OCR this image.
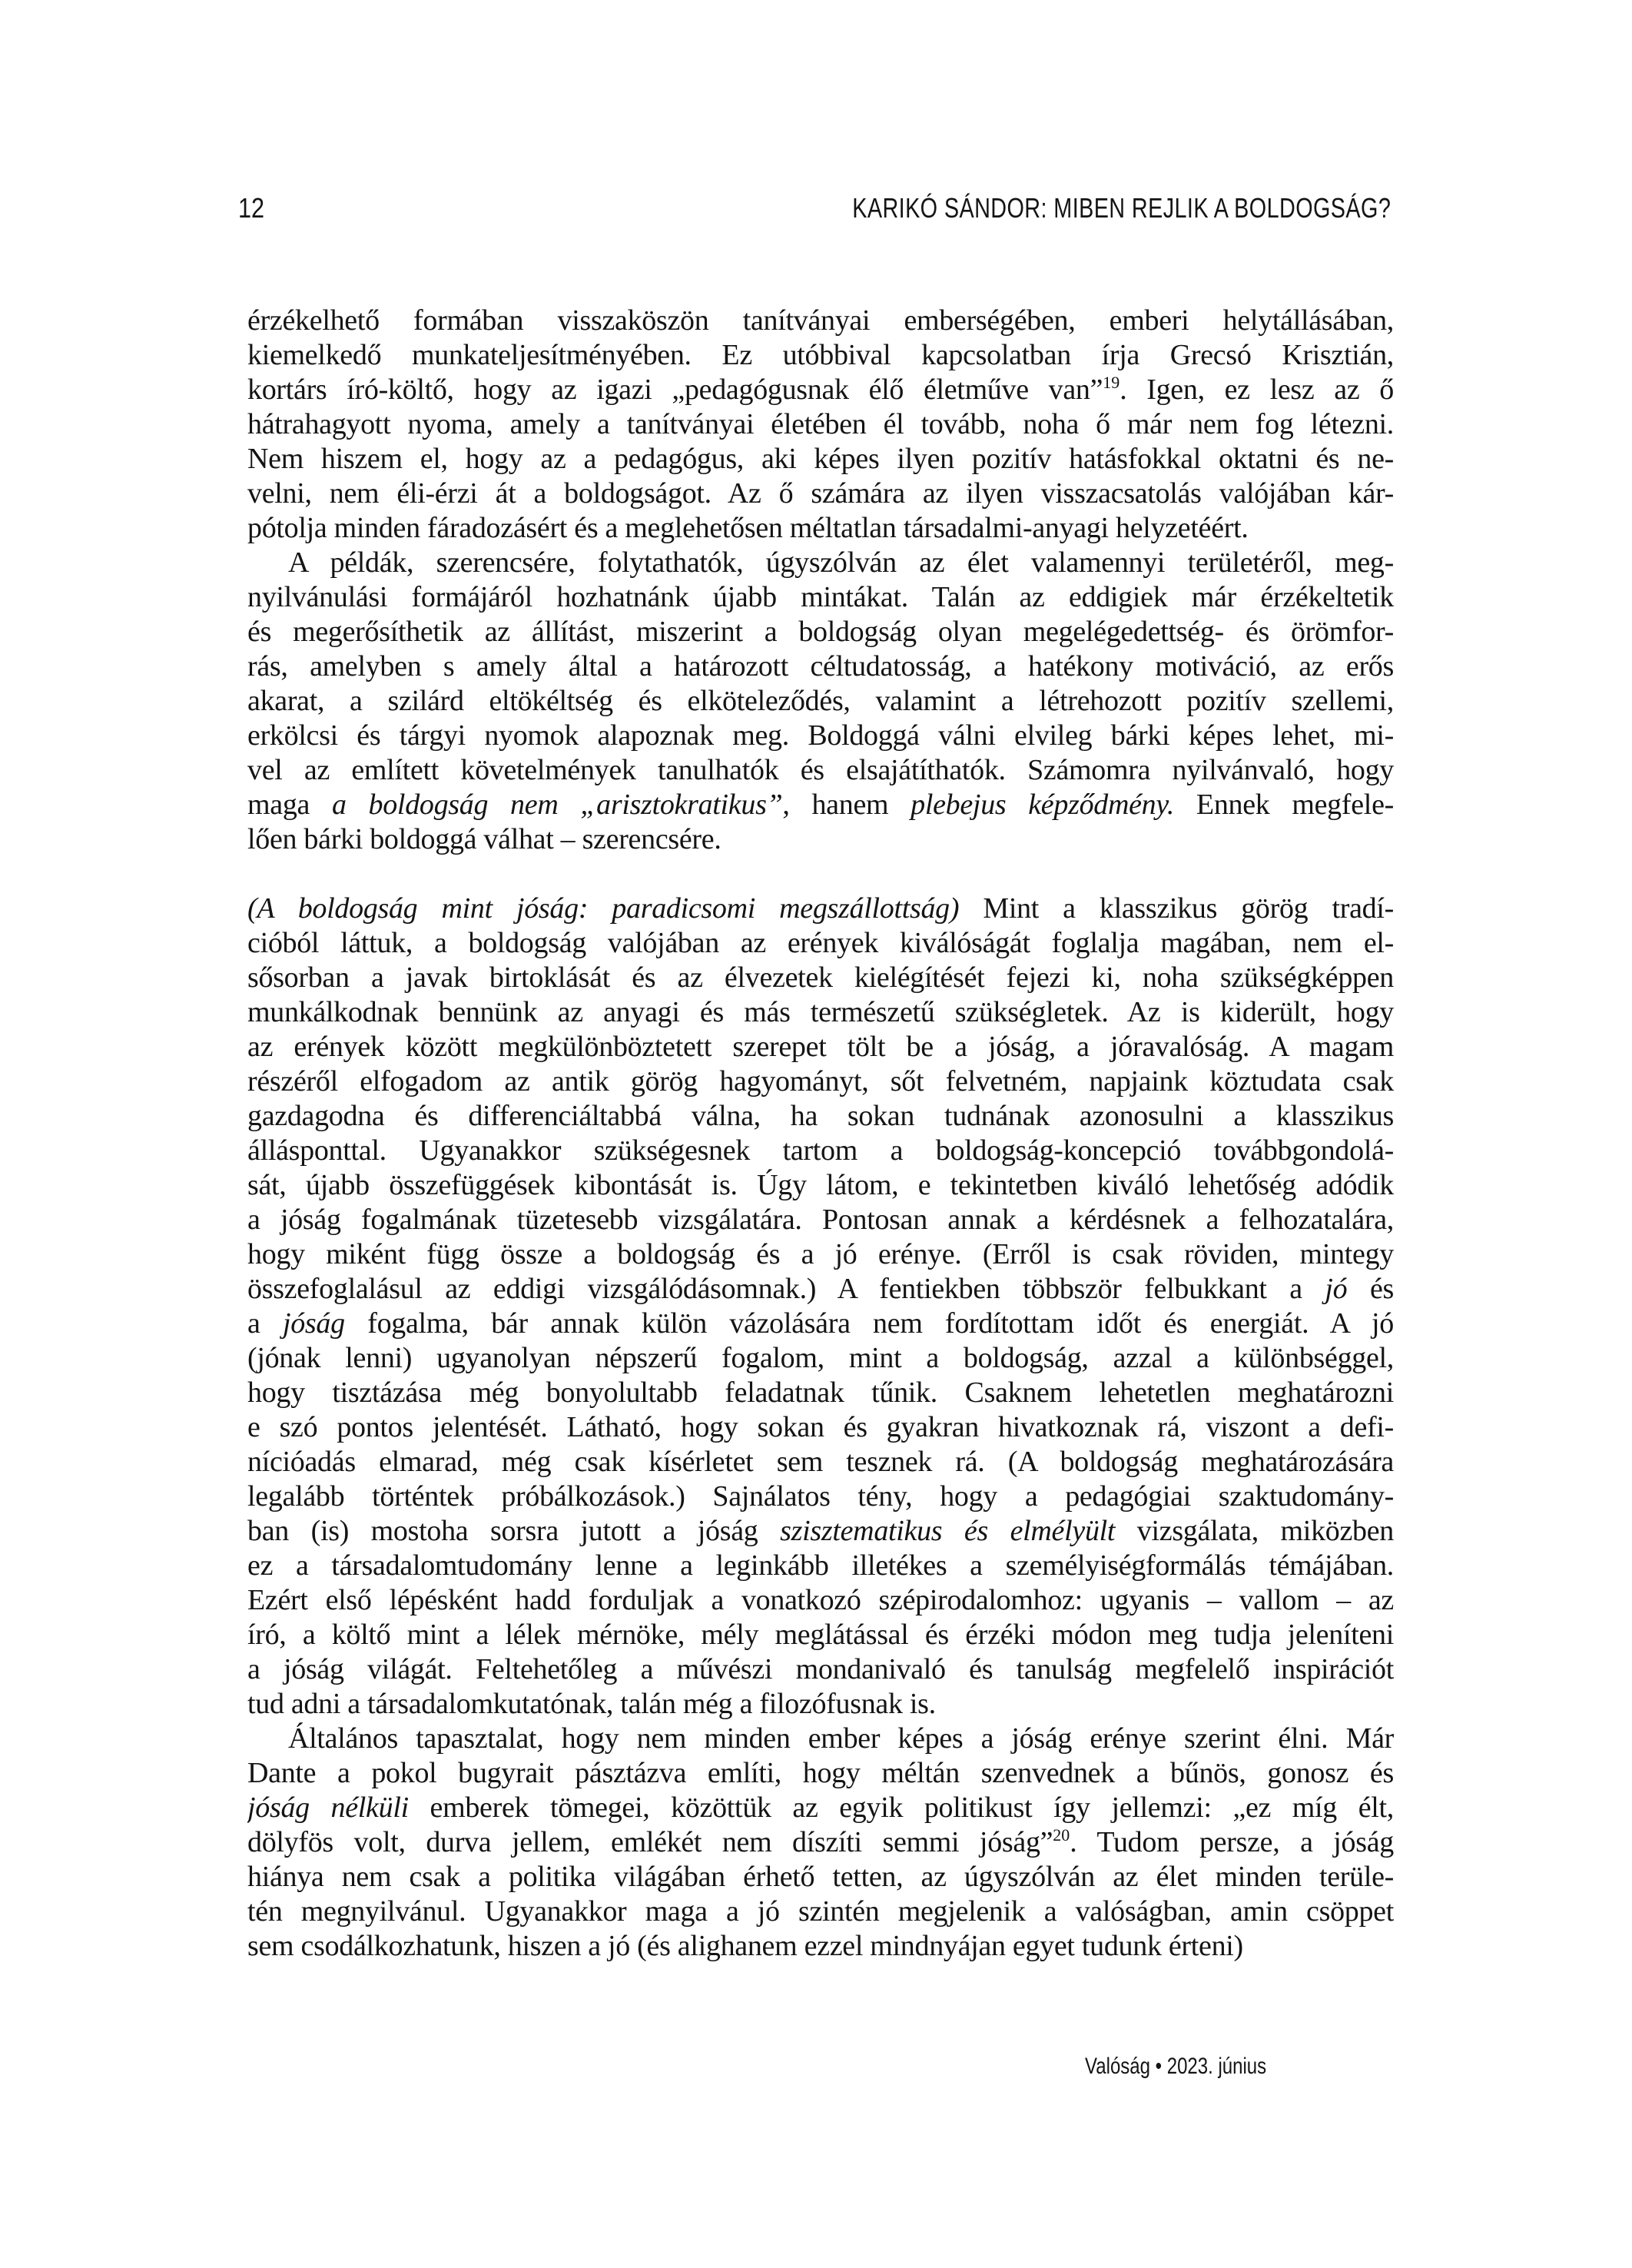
12	KARIKÓ SÁNDOR: MIBEN REJLIK A BOLDOGSÁG?
érzékelhető formában visszaköszön tanítványai emberségében, emberi helytállásában,
kiemelkedő munkateljesítményében. Ez utóbbival kapcsolatban írja Grecsó Krisztián,
kortárs író-költő, hogy az igazi „pedagógusnak élő életműve van”$^{19}$. Igen, ez lesz az ő
hátrahagyott nyoma, amely a tanítványai életében él tovább, noha ő már nem fog létezni.
Nem hiszem el, hogy az a pedagógus, aki képes ilyen pozitív hatásfokkal oktatni és ne-
velni, nem éli-érzi át a boldogságot. Az ő számára az ilyen visszacsatolás valójában kár-
pótolja minden fáradozásért és a meglehetősen méltatlan társadalmi-anyagi helyzetéért.
A példák, szerencsére, folytathatók, úgyszólván az élet valamennyi területéről, meg-
nyilvánulási formájáról hozhatnánk újabb mintákat. Talán az eddigiek már érzékeltetik
és megerősíthetik az állítást, miszerint a boldogság olyan megelégedettség- és örömfor-
rás, amelyben s amely által a határozott céltudatosság, a hatékony motiváció, az erős
akarat, a szilárd eltökéltség és elköteleződés, valamint a létrehozott pozitív szellemi,
erkölcsi és tárgyi nyomok alapoznak meg. Boldoggá válni elvileg bárki képes lehet, mi-
vel az említett követelmények tanulhatók és elsajátíthatók. Számomra nyilvánvaló, hogy
maga a boldogság nem „arisztokratikus”, hanem plebejus képződmény. Ennek megfele-
lően bárki boldoggá válhat – szerencsére.
(A boldogság mint jóság: paradicsomi megszállottság) Mint a klasszikus görög tradí-
cióból láttuk, a boldogság valójában az erények kiválóságát foglalja magában, nem el-
sősorban a javak birtoklását és az élvezetek kielégítését fejezi ki, noha szükségképpen
munkálkodnak bennünk az anyagi és más természetű szükségletek. Az is kiderült, hogy
az erények között megkülönböztetett szerepet tölt be a jóság, a jóravalóság. A magam
részéről elfogadom az antik görög hagyományt, sőt felvetném, napjaink köztudata csak
gazdagodna és differenciáltabbá válna, ha sokan tudnának azonosulni a klasszikus
állásponttal. Ugyanakkor szükségesnek tartom a boldogság-koncepció továbbgondolá-
sát, újabb összefüggések kibontását is. Úgy látom, e tekintetben kiváló lehetőség adódik
a jóság fogalmának tüzetesebb vizsgálatára. Pontosan annak a kérdésnek a felhozatalára,
hogy miként függ össze a boldogság és a jó erénye. (Erről is csak röviden, mintegy
összefoglalásul az eddigi vizsgálódásomnak.) A fentiekben többször felbukkant a jó és
a jóság fogalma, bár annak külön vázolására nem fordítottam időt és energiát. A jó
(jónak lenni) ugyanolyan népszerű fogalom, mint a boldogság, azzal a különbséggel,
hogy tisztázása még bonyolultabb feladatnak tűnik. Csaknem lehetetlen meghatározni
e szó pontos jelentését. Látható, hogy sokan és gyakran hivatkoznak rá, viszont a defi-
nícióadás elmarad, még csak kísérletet sem tesznek rá. (A boldogság meghatározására
legalább történtek próbálkozások.) Sajnálatos tény, hogy a pedagógiai szaktudomány-
ban (is) mostoha sorsra jutott a jóság szisztematikus és elmélyült vizsgálata, miközben
ez a társadalomtudomány lenne a leginkább illetékes a személyiségformálás témájában.
Ezért első lépésként hadd forduljak a vonatkozó szépirodalomhoz: ugyanis – vallom – az
író, a költő mint a lélek mérnöke, mély meglátással és érzéki módon meg tudja jeleníteni
a jóság világát. Feltehetőleg a művészi mondanivaló és tanulság megfelelő inspirációt
tud adni a társadalomkutatónak, talán még a filozófusnak is.
Általános tapasztalat, hogy nem minden ember képes a jóság erénye szerint élni. Már
Dante a pokol bugyrait pásztázva említi, hogy méltán szenvednek a bűnös, gonosz és
jóság nélküli emberek tömegei, közöttük az egyik politikust így jellemzi: „ez míg élt,
dölyfös volt, durva jellem, emlékét nem díszíti semmi jóság”$^{20}$. Tudom persze, a jóság
hiánya nem csak a politika világában érhető tetten, az úgyszólván az élet minden terüle-
tén megnyilvánul. Ugyanakkor maga a jó szintén megjelenik a valóságban, amin csöppet
sem csodálkozhatunk, hiszen a jó (és alighanem ezzel mindnyájan egyet tudunk érteni)
Valóság • 2023. június
